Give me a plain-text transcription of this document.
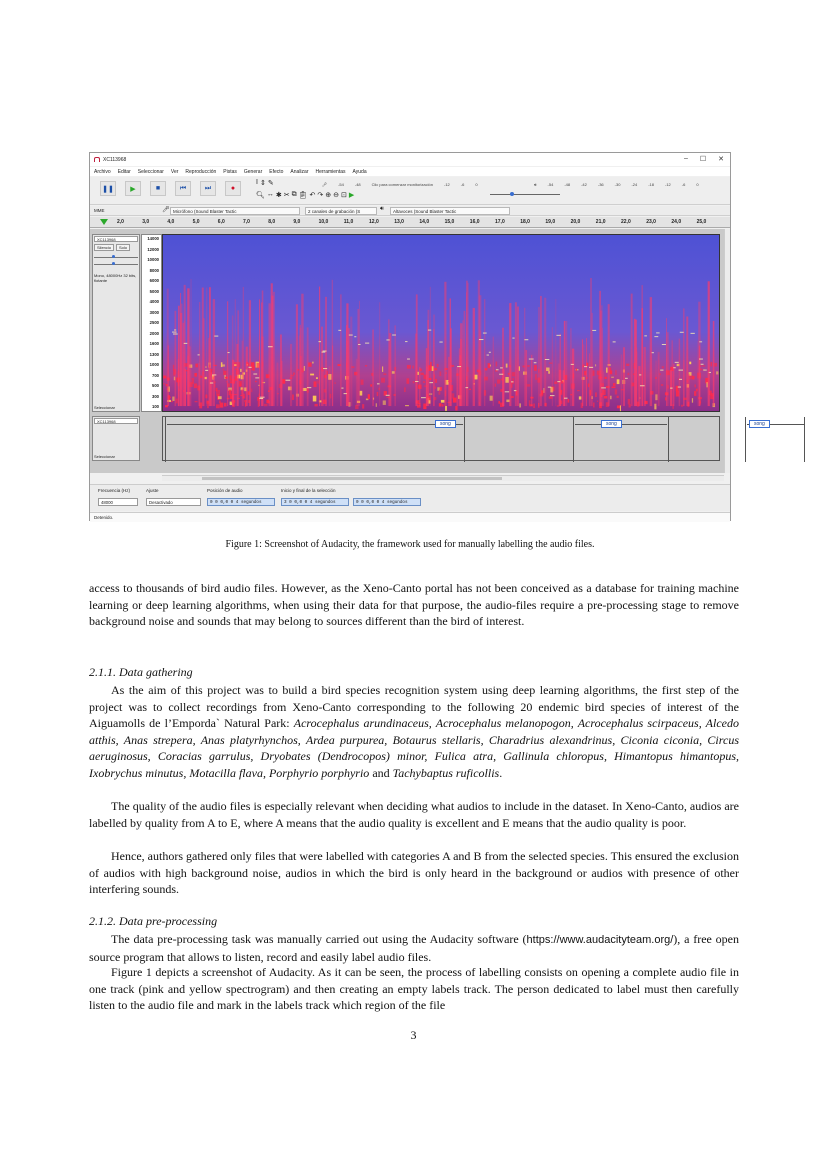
XC113968	– ☐ ✕
Archivo Editar Seleccionar Ver Reproducción Pistas Generar Efecto Analizar Herramientas Ayuda
❚❚	▶	■	⏮	⏭	●
I ⇕ ✎
🔍︎ ↔ ✱ ✂ ⧉ 📋︎ ↶ ↷ ⊕ ⊖ ⊡ ▶
🎤︎	-54	-48	Clic para comenzar monitorización	-12	-6	0	🔊︎	-54	-48	-42	-36	-30	-24	-18	-12	-6	0
MME	🎤︎ Micrófono (Sound Blaster Tactic	2 canales de grabación (S	🔊︎	Altavoces (Sound Blaster Tactic
2,0	3,0	4,0	5,0	6,0	7,0	8,0	9,0	10,0	11,0	12,0	13,0	14,0	15,0	16,0	17,0	18,0	19,0	20,0	21,0	22,0	23,0	24,0	25,0
XC113968
Silencio	Solo
Mono, 48000Hz 32 bits, flotante
Seleccionar
XC113968
Seleccionar
14000
12000
10000
8000
6000
5000
4000
3000
2500
2000
1600
1300
1000
700
500
300
100
song	song	song
Frecuencia (Hz)
48000
Ajuste
Desactivado
Posición de audio
0 0 0,0 0 4 segundos
Inicio y final de la selección
3 0 0,0 0 4 segundos	0 0 0,0 0 4 segundos
Detenido.
Figure 1: Screenshot of Audacity, the framework used for manually labelling the audio files.

access to thousands of bird audio files. However, as the Xeno-Canto portal has not been conceived as a database for training machine learning or deep learning algorithms, when using their data for that purpose, the audio-files require a pre-processing stage to remove background noise and sounds that may belong to sources different than the bird of interest.

2.1.1. Data gathering

As the aim of this project was to build a bird species recognition system using deep learning algorithms, the first step of the project was to collect recordings from Xeno-Canto corresponding to the following 20 endemic bird species of interest of the Aiguamolls de l’Emporda` Natural Park: Acrocephalus arundinaceus, Acrocephalus melanopogon, Acrocephalus scirpaceus, Alcedo atthis, Anas strepera, Anas platyrhynchos, Ardea purpurea, Botaurus stellaris, Charadrius alexandrinus, Ciconia ciconia, Circus aeruginosus, Coracias garrulus, Dryobates (Dendrocopos) minor, Fulica atra, Gallinula chloropus, Himantopus himantopus, Ixobrychus minutus, Motacilla flava, Porphyrio porphyrio and Tachybaptus ruficollis.

The quality of the audio files is especially relevant when deciding what audios to include in the dataset. In Xeno-Canto, audios are labelled by quality from A to E, where A means that the audio quality is excellent and E means that the audio quality is poor.

Hence, authors gathered only files that were labelled with categories A and B from the selected species. This ensured the exclusion of audios with high background noise, audios in which the bird is only heard in the background or audios with presence of other interfering sounds.

2.1.2. Data pre-processing

The data pre-processing task was manually carried out using the Audacity software (https://www.audacityteam.org/), a free open source program that allows to listen, record and easily label audio files.

Figure 1 depicts a screenshot of Audacity. As it can be seen, the process of labelling consists on opening a complete audio file in one track (pink and yellow spectrogram) and then creating an empty labels track. The person dedicated to label must then carefully listen to the audio file and mark in the labels track which region of the file

3
